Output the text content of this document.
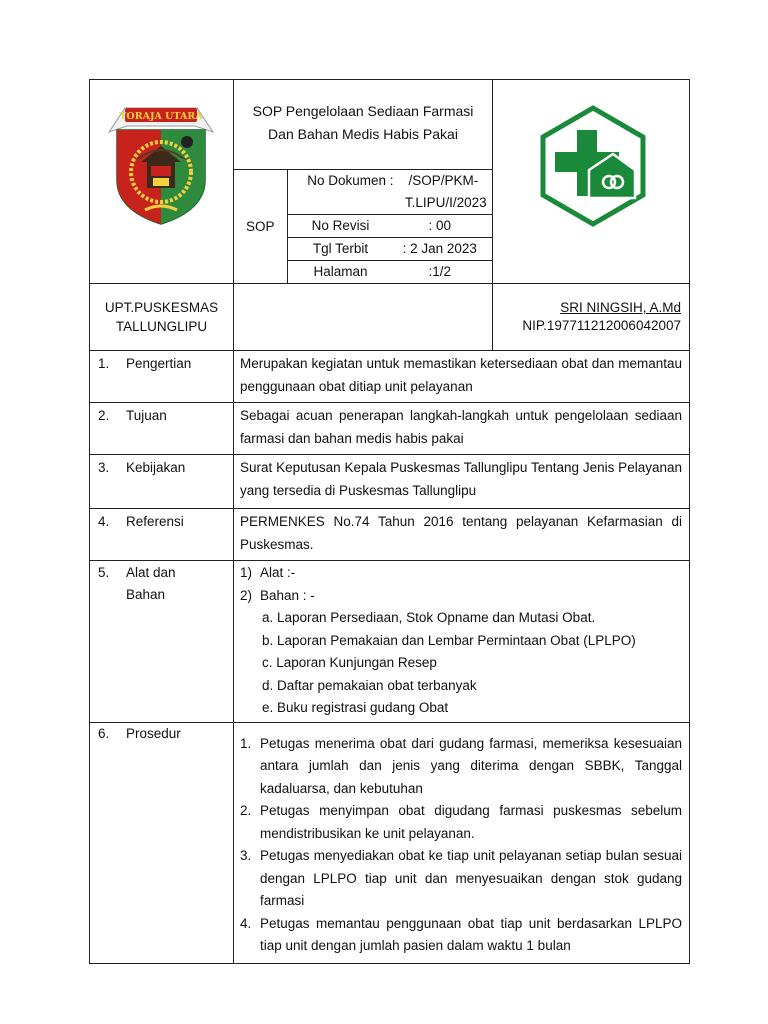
TORAJA UTARA	SOP Pengelolaan Sediaan Farmasi
Dan Bahan Medis Habis Pakai
SOP	
No Dokumen : /SOP/PKM-
T.LIPU/I/2023

No Revisi	: 00

Tgl Terbit	: 2 Jan 2023

Halaman	:1/2

UPT.PUSKESMAS
TALLUNGLIPU

SRI NINGSIH, A.Md
NIP.197711212006042007

1.	Pengertian	Merupakan kegiatan untuk memastikan ketersediaan obat dan memantau penggunaan obat ditiap unit pelayanan

2.	Tujuan	Sebagai acuan penerapan langkah-langkah untuk pengelolaan sediaan farmasi dan bahan medis habis pakai

3.	Kebijakan	Surat Keputusan Kepala Puskesmas Tallunglipu Tentang Jenis Pelayanan yang tersedia di Puskesmas Tallunglipu

4.	Referensi	PERMENKES No.74 Tahun 2016 tentang pelayanan Kefarmasian di Puskesmas.

5.	Alat dan
Bahan

1) Alat :-
2) Bahan : -
a. Laporan Persediaan, Stok Opname dan Mutasi Obat.
b. Laporan Pemakaian dan Lembar Permintaan Obat (LPLPO)
c. Laporan Kunjungan Resep
d. Daftar pemakaian obat terbanyak
e. Buku registrasi gudang Obat

6.	Prosedur

1. Petugas menerima obat dari gudang farmasi, memeriksa kesesuaian antara jumlah dan jenis yang diterima dengan SBBK, Tanggal kadaluarsa, dan kebutuhan
2. Petugas menyimpan obat digudang farmasi puskesmas sebelum mendistribusikan ke unit pelayanan.
3. Petugas menyediakan obat ke tiap unit pelayanan setiap bulan sesuai dengan LPLPO tiap unit dan menyesuaikan dengan stok gudang farmasi
4. Petugas memantau penggunaan obat tiap unit berdasarkan LPLPO tiap unit dengan jumlah pasien dalam waktu 1 bulan
